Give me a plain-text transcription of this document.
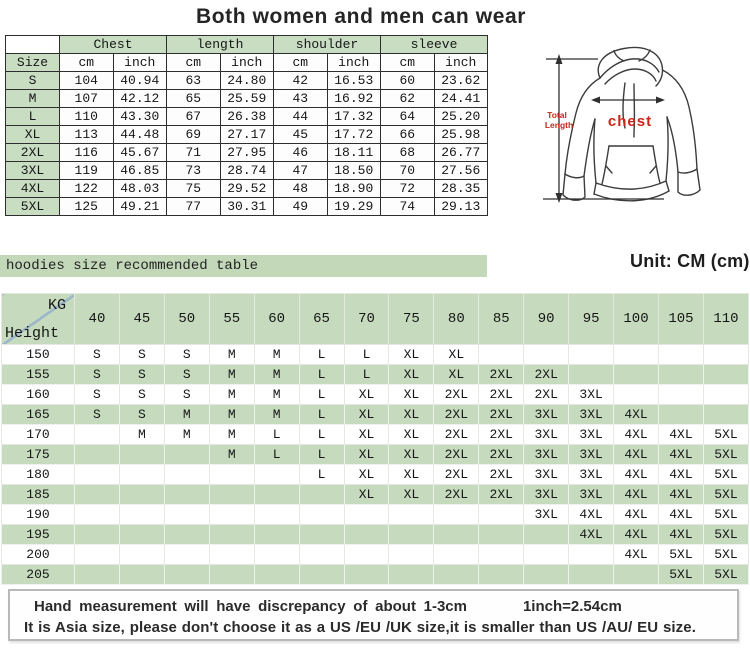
Both women and men can wear
	Chest		length		shoulder		sleeve	
Size	cm	inch	cm	inch	cm	inch	cm	inch
S	104	40.94	63	24.80	42	16.53	60	23.62
M	107	42.12	65	25.59	43	16.92	62	24.41
L	110	43.30	67	26.38	44	17.32	64	25.20
XL	113	44.48	69	27.17	45	17.72	66	25.98
2XL	116	45.67	71	27.95	46	18.11	68	26.77
3XL	119	46.85	73	28.74	47	18.50	70	27.56
4XL	122	48.03	75	29.52	48	18.90	72	28.35
5XL	125	49.21	77	30.31	49	19.29	74	29.13
Total
Length chest
hoodies size recommended table	Unit: CM (cm)
KG
Height	40	45	50	55	60	65	70	75	80	85	90	95	100	105	110
150	S	S	S	M	M	L	L	XL	XL						
155	S	S	S	M	M	L	L	XL	XL	2XL	2XL				
160	S	S	S	M	M	L	XL	XL	2XL	2XL	2XL	3XL			
165	S	S	M	M	M	L	XL	XL	2XL	2XL	3XL	3XL	4XL		
170		M	M	M	L	L	XL	XL	2XL	2XL	3XL	3XL	4XL	4XL	5XL
175				M	L	L	XL	XL	2XL	2XL	3XL	3XL	4XL	4XL	5XL
180						L	XL	XL	2XL	2XL	3XL	3XL	4XL	4XL	5XL
185							XL	XL	2XL	2XL	3XL	3XL	4XL	4XL	5XL
190											3XL	4XL	4XL	4XL	5XL
195												4XL	4XL	4XL	5XL
200													4XL	5XL	5XL
205														5XL	5XL
Hand measurement will have discrepancy of about 1-3cm	1inch=2.54cm
It is Asia size, please don't choose it as a US /EU /UK size,it is smaller than US /AU/ EU size.
